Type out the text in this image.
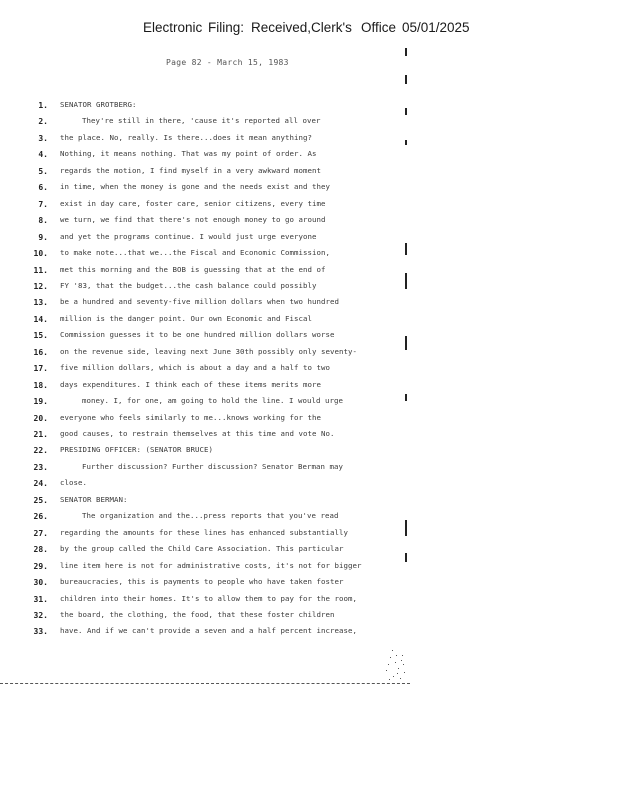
Electronic Filing: Received,Clerk's Office 05/01/2025
Page 82 - March 15, 1983
1. SENATOR GROTBERG:
2.	They're still in there, 'cause it's reported all over
3. the place. No, really. Is there...does it mean anything?
4. Nothing, it means nothing. That was my point of order. As
5. regards the motion, I find myself in a very awkward moment
6. in time, when the money is gone and the needs exist and they
7. exist in day care, foster care, senior citizens, every time
8. we turn, we find that there's not enough money to go around
9. and yet the programs continue. I would just urge everyone
10. to make note...that we...the Fiscal and Economic Commission,
11. met this morning and the BOB is guessing that at the end of
12. FY '83, that the budget...the cash balance could possibly
13. be a hundred and seventy-five million dollars when two hundred
14. million is the danger point. Our own Economic and Fiscal
15. Commission guesses it to be one hundred million dollars worse
16. on the revenue side, leaving next June 30th possibly only seventy-
17. five million dollars, which is about a day and a half to two
18. days expenditures. I think each of these items merits more
19.	money. I, for one, am going to hold the line. I would urge
20. everyone who feels similarly to me...knows working for the
21. good causes, to restrain themselves at this time and vote No.
22. PRESIDING OFFICER: (SENATOR BRUCE)
23.	Further discussion? Further discussion? Senator Berman may
24. close.
25. SENATOR BERMAN:
26.	The organization and the...press reports that you've read
27. regarding the amounts for these lines has enhanced substantially
28. by the group called the Child Care Association. This particular
29. line item here is not for administrative costs, it's not for bigger
30. bureaucracies, this is payments to people who have taken foster
31. children into their homes. It's to allow them to pay for the room,
32. the board, the clothing, the food, that these foster children
33. have. And if we can't provide a seven and a half percent increase,
